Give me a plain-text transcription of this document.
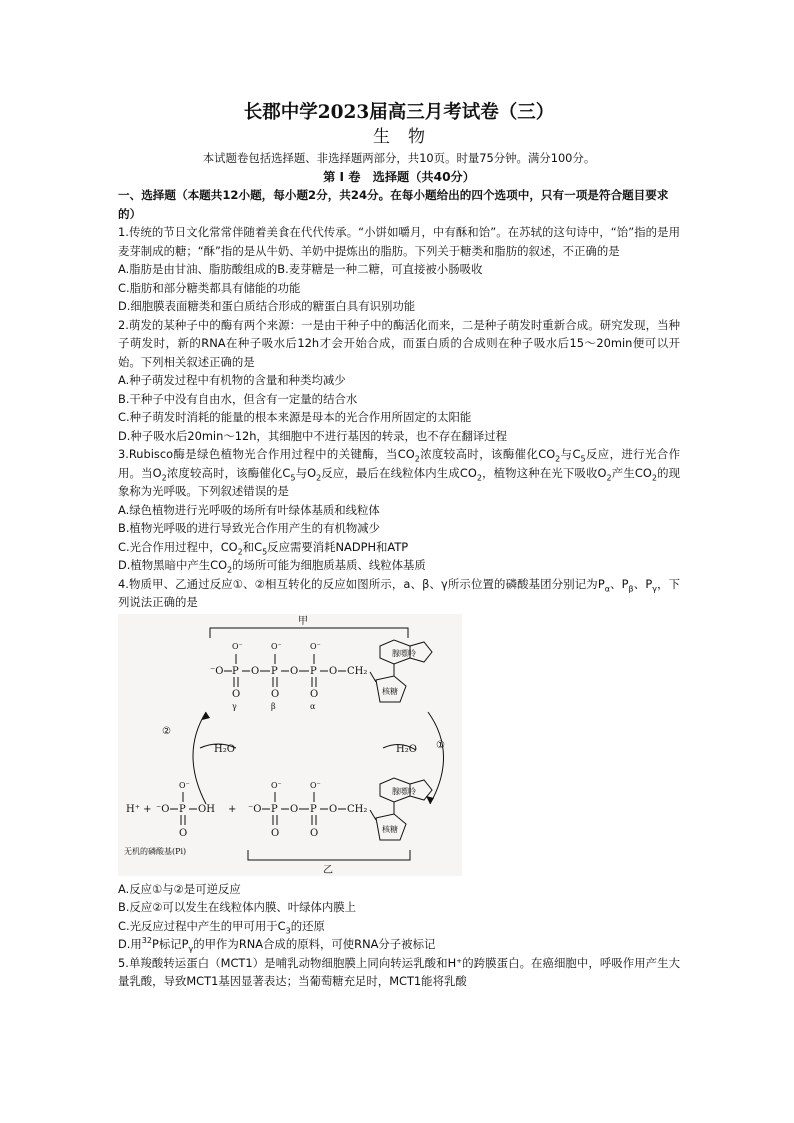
长郡中学2023届高三月考试卷（三）
生物
本试题卷包括选择题、非选择题两部分，共10页。时量75分钟。满分100分。
第 I 卷　选择题（共40分）
一、选择题（本题共12小题，每小题2分，共24分。在每小题给出的四个选项中，只有一项是符合题目要求的）

1.传统的节日文化常常伴随着美食在代代传承。“小饼如嚼月，中有酥和饴”。在苏轼的这句诗中，“饴”指的是用麦芽制成的糖；“酥”指的是从牛奶、羊奶中提炼出的脂肪。下列关于糖类和脂肪的叙述，不正确的是

A.脂肪是由甘油、脂肪酸组成的B.麦芽糖是一种二糖，可直接被小肠吸收

C.脂肪和部分糖类都具有储能的功能

D.细胞膜表面糖类和蛋白质结合形成的糖蛋白具有识别功能

2.萌发的某种子中的酶有两个来源：一是由干种子中的酶活化而来，二是种子萌发时重新合成。研究发现，当种子萌发时，新的RNA在种子吸水后12h才会开始合成，而蛋白质的合成则在种子吸水后15～20min便可以开始。下列相关叙述正确的是

A.种子萌发过程中有机物的含量和种类均减少

B.干种子中没有自由水，但含有一定量的结合水

C.种子萌发时消耗的能量的根本来源是母本的光合作用所固定的太阳能

D.种子吸水后20min～12h，其细胞中不进行基因的转录，也不存在翻译过程

3.Rubisco酶是绿色植物光合作用过程中的关键酶，当$CO_2$浓度较高时，该酶催化$CO_2$与$C_5$反应，进行光合作用。当$O_2$浓度较高时，该酶催化$C_5$与$O_2$反应，最后在线粒体内生成$CO_2$，植物这种在光下吸收$O_2$产生$CO_2$的现象称为光呼吸。下列叙述错误的是

A.绿色植物进行光呼吸的场所有叶绿体基质和线粒体

B.植物光呼吸的进行导致光合作用产生的有机物减少

C.光合作用过程中，$CO_2$和$C_5$反应需要消耗NADPH和ATP

D.植物黑暗中产生$CO_2$的场所可能为细胞质基质、线粒体基质

4.物质甲、乙通过反应①、②相互转化的反应如图所示，a、β、γ所示位置的磷酸基团分别记为$P_\alpha$、$P_\beta$、$P_\gamma$，下列说法正确的是

甲
⁻O P
O⁻
O
γ
O P
O⁻
O
β
O P
O⁻
O
α
O CH₂
腺嘌呤
核糖
①
H₂O
②
H₂O
H⁺ + ⁻O P
O⁻
O
OH +
无机的磷酸基(Pi)
⁻O P
O⁻
O
O P
O⁻
O
O CH₂
腺嘌呤
核糖
乙

A.反应①与②是可逆反应

B.反应②可以发生在线粒体内膜、叶绿体内膜上

C.光反应过程中产生的甲可用于$C_3$的还原

D.用$^{32}$P标记$P_\gamma$的甲作为RNA合成的原料，可使RNA分子被标记

5.单羧酸转运蛋白（MCT1）是哺乳动物细胞膜上同向转运乳酸和H⁺的跨膜蛋白。在癌细胞中，呼吸作用产生大量乳酸，导致MCT1基因显著表达；当葡萄糖充足时，MCT1能将乳酸
